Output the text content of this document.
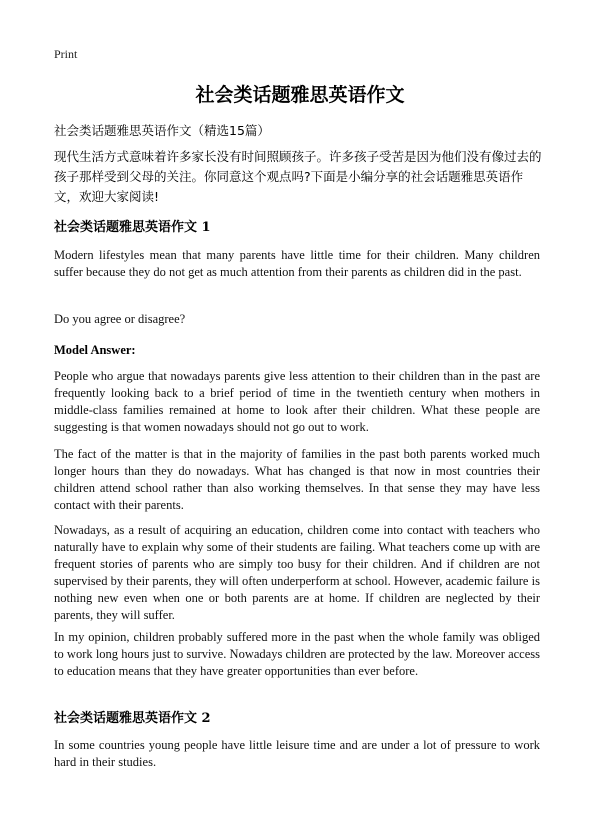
Print
社会类话题雅思英语作文
社会类话题雅思英语作文（精选15篇）
现代生活方式意味着许多家长没有时间照顾孩子。许多孩子受苦是因为他们没有像过去的孩子那样受到父母的关注。你同意这个观点吗?下面是小编分享的社会话题雅思英语作文，欢迎大家阅读!
社会类话题雅思英语作文 1
Modern lifestyles mean that many parents have little time for their children. Many children suffer because they do not get as much attention from their parents as children did in the past.
Do you agree or disagree?
Model Answer:
People who argue that nowadays parents give less attention to their children than in the past are frequently looking back to a brief period of time in the twentieth century when mothers in middle-class families remained at home to look after their children. What these people are suggesting is that women nowadays should not go out to work.
The fact of the matter is that in the majority of families in the past both parents worked much longer hours than they do nowadays. What has changed is that now in most countries their children attend school rather than also working themselves. In that sense they may have less contact with their parents.
Nowadays, as a result of acquiring an education, children come into contact with teachers who naturally have to explain why some of their students are failing. What teachers come up with are frequent stories of parents who are simply too busy for their children. And if children are not supervised by their parents, they will often underperform at school. However, academic failure is nothing new even when one or both parents are at home. If children are neglected by their parents, they will suffer.
In my opinion, children probably suffered more in the past when the whole family was obliged to work long hours just to survive. Nowadays children are protected by the law. Moreover access to education means that they have greater opportunities than ever before.
社会类话题雅思英语作文 2
In some countries young people have little leisure time and are under a lot of pressure to work hard in their studies.
